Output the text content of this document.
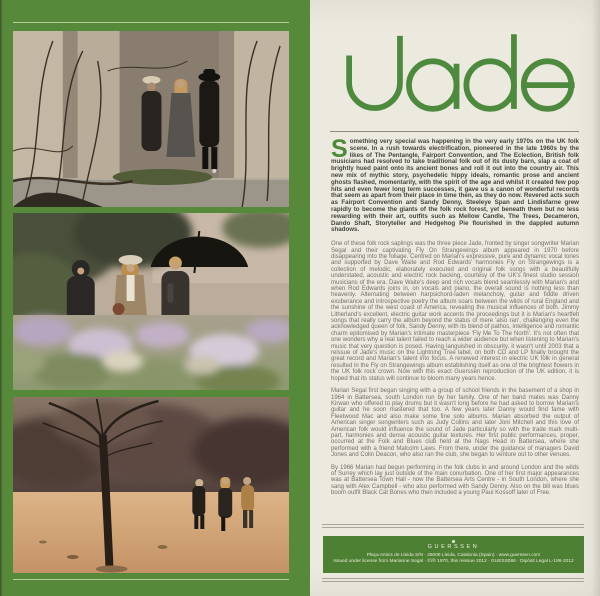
Something very special was happening in the very early 1970s on the UK folk scene. In a rush towards electrification, pioneered in the late 1960s by the likes of The Pentangle, Fairport Convention, and The Eclection, British folk musicians had resolved to take traditional folk out of its dusty barn, slap a coat of brightly hued paint onto its ancient bones and roll it out into the country air. This new mix of mythic story, psychedelic hippy ideals, romantic prose and ancient ghosts flashed, momentarily, with the spirit of the age and whilst it created few pop hits and even fewer long term successes, it gave us a canon of wonderful records that seem as apart from their place in time then, as they do now. Revered acts such as Fairport Convention and Sandy Denny, Steeleye Span and Lindisfarne grew rapidly to become the giants of the folk rock forest, yet beneath them but no less rewarding with their art, outfits such as Mellow Candle, The Trees, Decameron, Dando Shaft, Storyteller and Hedgehog Pie flourished in the dappled autumn shadows.

One of these folk rock saplings was the three piece Jade, fronted by singer songwriter Marian Segal and their captivating Fly On Strangewings album appeared in 1970 before disappearing into the foliage. Centred on Marian's expressive, pure and dynamic vocal tones and supported by Dave Waite and Rod Edwards' harmonies Fly on Strangewings is a collection of melodic, elaborately executed and original folk songs with a beautifully understated, acoustic and electric rock backing, courtesy of the UK's finest studio session musicians of the era. Dave Waite's deep and rich vocals blend seamlessly with Marian's and when Rod Edwards joins in, on vocals and piano, the overall sound is nothing less than heavenly. Alternating between harpsichord-laden melancholy, guitar and fiddle driven exuberance and introspective poetry the album soars between the wilds of rural England and the sunshine of the west coast of America, revealing the musical influences of both. Jimmy Litherland's excellent, electric guitar work accents the proceedings but it is Marian's heartfelt songs that really carry the album beyond the status of mere 'also ran', challenging even the acknowledged queen of folk, Sandy Denny, with its blend of pathos, intelligence and romantic charm epitomised by Marian's intimate masterpiece 'Fly Me To The North'. It's not often that one wonders why a real talent failed to reach a wider audience but when listening to Marian's music that very question is posed. Having languished in obscurity, it wasn't until 2003 that a reissue of Jade's music on the Lightning Tree label, on both CD and LP finally brought the great record and Marian's talent into focus. A renewed interest in electric UK folk in general resulted in the Fly on Strangewings album establishing itself as one of the brightest flowers in the UK folk rock crown. Now with this exact Guerssen reproduction of the UK edition, it is hoped that its status will continue to bloom many years hence.

Marian Segal first began singing with a group of school friends in the basement of a shop in 1964 in Battersea, south London run by her family. One of her band mates was Danny Kirwan who offered to play drums but it wasn't long before he had asked to borrow Marian's guitar and he soon mastered that too. A few years later Danny would find fame with Fleetwood Mac and also make some fine solo albums. Marian absorbed the output of American singer songwriters such as Judy Collins and later Joni Mitchell and this love of American folk would influence the sound of Jade particularly so with the trade mark multi-part, harmonies and dense acoustic guitar textures. Her first public performances, proper, occurred at the Folk and Blues club held at the Nags Head in Battersea, where she performed with a friend Malcolm Laws. From there, under the guidance of managers David Jones and Colin Deacon, who also ran the club, she began to venture out to other venues.

By 1966 Marian had begun performing in the folk clubs in and around London and the wilds of Surrey which lay just outside of the main conurbation. One of her first major appearances was at Battersea Town Hall - now the Battersea Arts Centre - in South London, where she sang with Alex Campbell - who also performed with Sandy Denny. Also on the bill was blues boom outfit Black Cat Bones who then included a young Paul Kossoff later of Free.

GUERSSEN
Plaça Amics de Lleida S/N · 25008 Lleida, Catalonia (Spain) · www.guerssen.com
Issued under license from Marianne Segal · ©/℗ 1970, this reissue 2012 · GUESS086 · Dipòsit Legal L-186-2012
